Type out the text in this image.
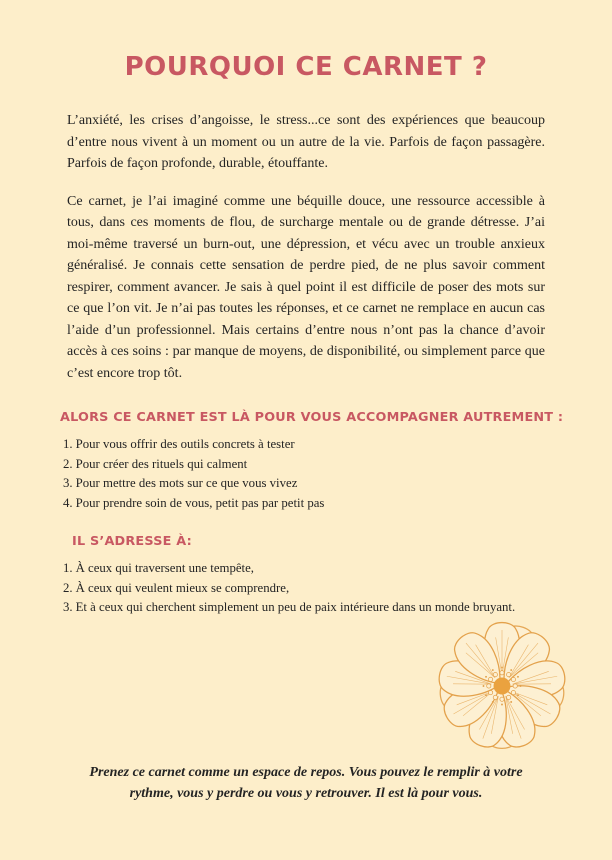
POURQUOI CE CARNET ?

L’anxiété, les crises d’angoisse, le stress...ce sont des expériences que beaucoup d’entre nous vivent à un moment ou un autre de la vie. Parfois de façon passagère. Parfois de façon profonde, durable, étouffante.

Ce carnet, je l’ai imaginé comme une béquille douce, une ressource accessible à tous, dans ces moments de flou, de surcharge mentale ou de grande détresse. J’ai moi-même traversé un burn-out, une dépression, et vécu avec un trouble anxieux généralisé. Je connais cette sensation de perdre pied, de ne plus savoir comment respirer, comment avancer. Je sais à quel point il est difficile de poser des mots sur ce que l’on vit. Je n’ai pas toutes les réponses, et ce carnet ne remplace en aucun cas l’aide d’un professionnel. Mais certains d’entre nous n’ont pas la chance d’avoir accès à ces soins : par manque de moyens, de disponibilité, ou simplement parce que c’est encore trop tôt.

ALORS CE CARNET EST LÀ POUR VOUS ACCOMPAGNER AUTREMENT :
1. Pour vous offrir des outils concrets à tester
2. Pour créer des rituels qui calment
3. Pour mettre des mots sur ce que vous vivez
4. Pour prendre soin de vous, petit pas par petit pas
IL S’ADRESSE À:
1. À ceux qui traversent une tempête,
2. À ceux qui veulent mieux se comprendre,
3. Et à ceux qui cherchent simplement un peu de paix intérieure dans un monde bruyant.

Prenez ce carnet comme un espace de repos. Vous pouvez le remplir à votre rythme, vous y perdre ou vous y retrouver. Il est là pour vous.
